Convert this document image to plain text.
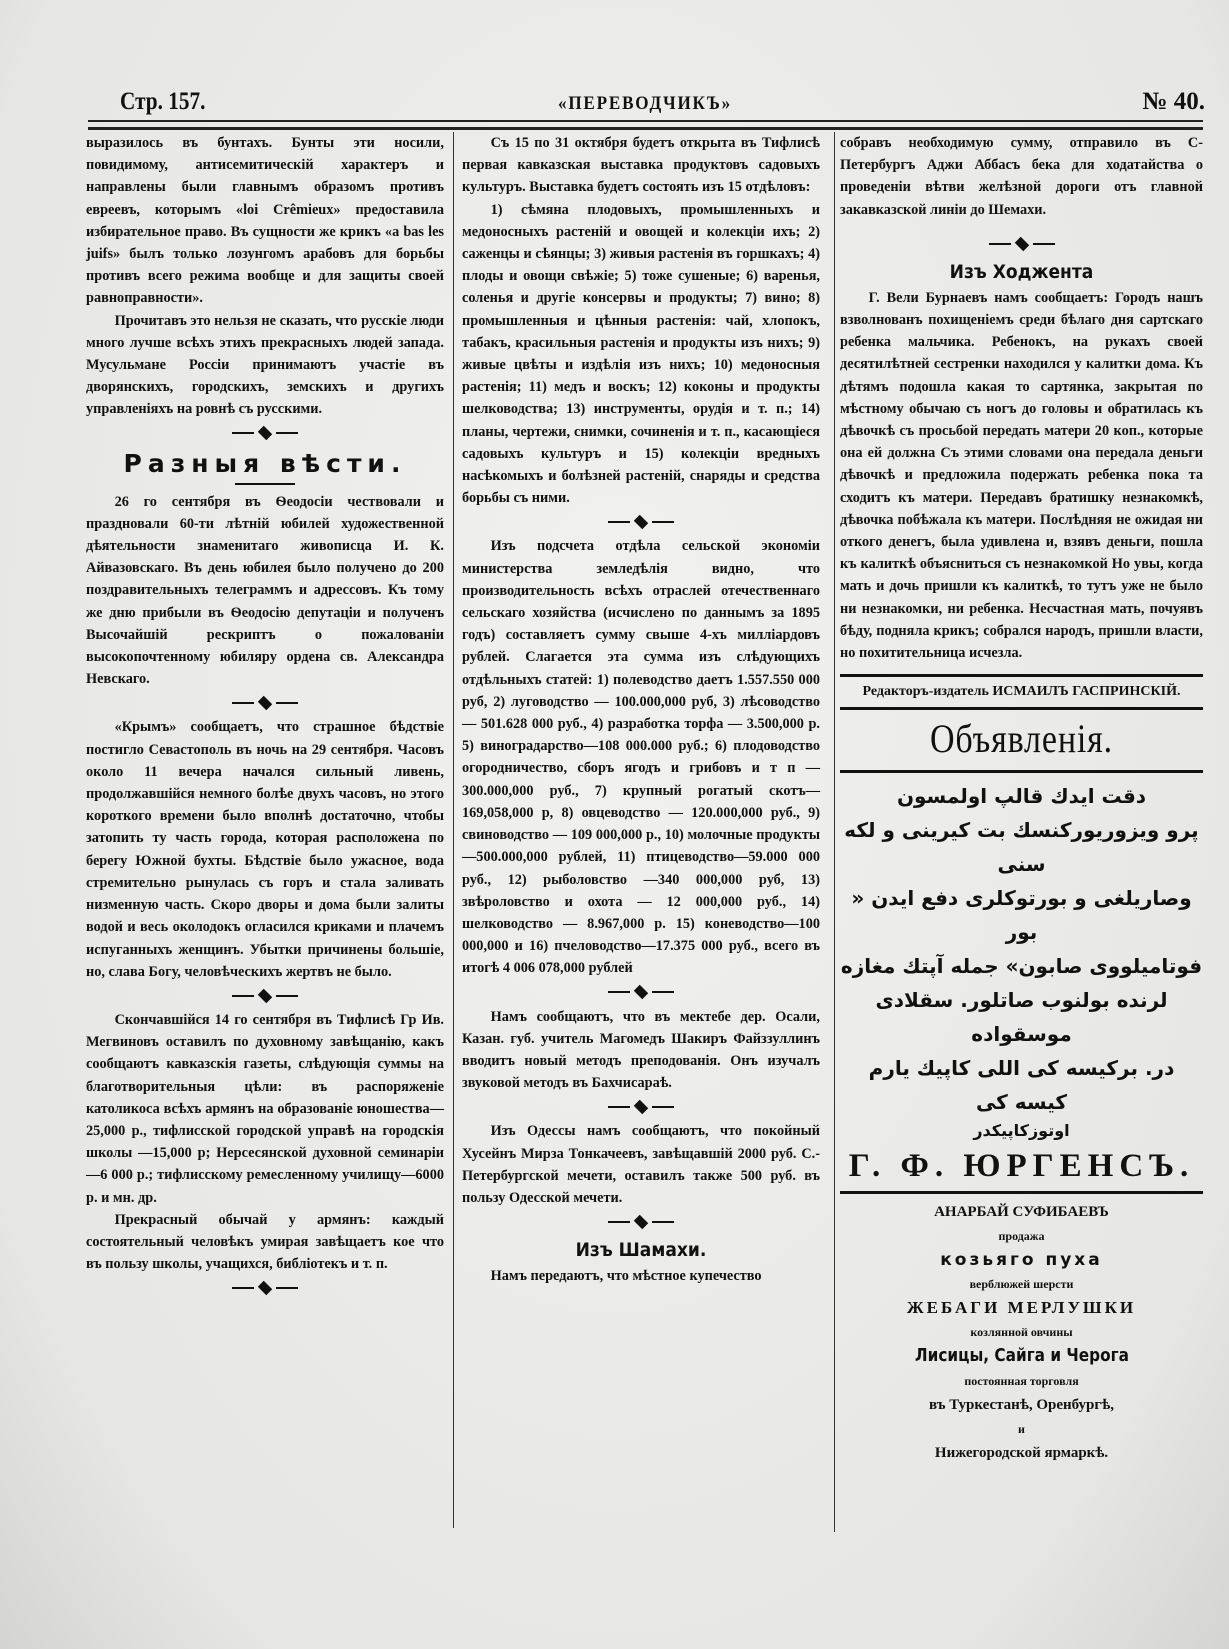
Стр. 157.	«ПЕРЕВОДЧИКЪ»	№ 40.

выразилось въ бунтахъ. Бунты эти носили, повидимому, антисемитическій характеръ и направлены были главнымъ образомъ противъ евреевъ, которымъ «loi Crêmieux» предоставила избирательное право. Въ сущности же крикъ «a bas les juifs» былъ только лозунгомъ арабовъ для борьбы противъ всего режима вообще и для защиты своей равноправности».

Прочитавъ это нельзя не сказать, что русскіе люди много лучше всѣхъ этихъ прекрасныхъ людей запада. Мусульмане Россіи принимаютъ участіе въ дворянскихъ, городскихъ, земскихъ и другихъ управленіяхъ на ровнѣ съ русскими.

Разныя вѣсти.

26 го сентября въ Ѳеодосіи чествовали и праздновали 60-ти лѣтній юбилей художественной дѣятельности знаменитаго живописца И. К. Айвазовскаго. Въ день юбилея было получено до 200 поздравительныхъ телеграммъ и адрессовъ. Къ тому же дню прибыли въ Ѳеодосію депутаціи и полученъ Высочайшій рескриптъ о пожалованіи высокопочтенному юбиляру ордена св. Александра Невскаго.

«Крымъ» сообщаетъ, что страшное бѣдствіе постигло Севастополь въ ночь на 29 сентября. Часовъ около 11 вечера начался сильный ливень, продолжавшійся немного болѣе двухъ часовъ, но этого короткого времени было вполнѣ достаточно, чтобы затопить ту часть города, которая расположена по берегу Южной бухты. Бѣдствіе было ужасное, вода стремительно рынулась съ горъ и стала заливать низменную часть. Скоро дворы и дома были залиты водой и весь околодокъ огласился криками и плачемъ испуганныхъ женщинъ. Убытки причинены большіе, но, слава Богу, человѣческихъ жертвъ не было.

Скончавшійся 14 го сентября въ Тифлисѣ Гр Ив. Мегвиновъ оставилъ по духовному завѣщанію, какъ сообщаютъ кавказскія газеты, слѣдующія суммы на благотворительныя цѣли: въ распоряженіе католикоса всѣхъ армянъ на образованіе юношества—25,000 р., тифлисской городской управѣ на городскія школы —15,000 р; Нерсесянской духовной семинаріи—6 000 р.; тифлисскому ремесленному училищу—6000 р. и мн. др.

Прекрасный обычай у армянъ: каждый состоятельный человѣкъ умирая завѣщаетъ кое что въ пользу школы, учащихся, библіотекъ и т. п.

Съ 15 по 31 октября будетъ открыта въ Тифлисѣ первая кавказская выставка продуктовъ садовыхъ культуръ. Выставка будетъ состоять изъ 15 отдѣловъ:

1) сѣмяна плодовыхъ, промышленныхъ и медоносныхъ растеній и овощей и колекціи ихъ; 2) саженцы и сѣянцы; 3) живыя растенія въ горшкахъ; 4) плоды и овощи свѣжіе; 5) тоже сушеные; 6) варенья, соленья и другіе консервы и продукты; 7) вино; 8) промышленныя и цѣнныя растенія: чай, хлопокъ, табакъ, красильныя растенія и продукты изъ нихъ; 9) живые цвѣты и издѣлія изъ нихъ; 10) медоносныя растенія; 11) медъ и воскъ; 12) коконы и продукты шелководства; 13) инструменты, орудія и т. п.; 14) планы, чертежи, снимки, сочиненія и т. п., касающіеся садовыхъ культуръ и 15) колекціи вредныхъ насѣкомыхъ и болѣзней растеній, снаряды и средства борьбы съ ними.

Изъ подсчета отдѣла сельской экономіи министерства земледѣлія видно, что производительность всѣхъ отраслей отечественнаго сельскаго хозяйства (исчислено по даннымъ за 1895 годъ) составляетъ сумму свыше 4-хъ милліардовъ рублей. Слагается эта сумма изъ слѣдующихъ отдѣльныхъ статей: 1) полеводство даетъ 1.557.550 000 руб, 2) луговодство — 100.000,000 руб, 3) лѣсоводство — 501.628 000 руб., 4) разработка торфа — 3.500,000 р. 5) виноградарство—108 000.000 руб.; 6) плодоводство огородничество, сборъ ягодъ и грибовъ и т п — 300.000,000 руб., 7) крупный рогатый скотъ—169,058,000 р, 8) овцеводство — 120.000,000 руб., 9) свиноводство — 109 000,000 р., 10) молочные продукты—500.000,000 рублей, 11) птицеводство—59.000 000 руб., 12) рыболовство —340 000,000 руб, 13) звѣроловство и охота — 12 000,000 руб., 14) шелководство — 8.967,000 р. 15) коневодство—100 000,000 и 16) пчеловодство—17.375 000 руб., всего въ итогѣ 4 006 078,000 рублей

Намъ сообщаютъ, что въ мектебе дер. Осали, Казан. губ. учитель Магомедъ Шакиръ Файззуллинъ вводитъ новый методъ преподованія. Онъ изучалъ звуковой методъ въ Бахчисараѣ.

Изъ Одессы намъ сообщаютъ, что покойный Хусейнъ Мирза Тонкачеевъ, завѣщавшій 2000 руб. С.-Петербургской мечети, оставилъ также 500 руб. въ пользу Одесской мечети.

Изъ Шамахи.

Намъ передаютъ, что мѣстное купечество

собравъ необходимую сумму, отправило въ С-Петербургъ Аджи Аббасъ бека для ходатайства о проведеніи вѣтви желѣзной дороги отъ главной закавказской линіи до Шемахи.

Изъ Ходжента

Г. Вели Бурнаевъ намъ сообщаетъ: Городъ нашъ взволнованъ похищеніемъ среди бѣлаго дня сартскаго ребенка мальчика. Ребенокъ, на рукахъ своей десятилѣтней сестренки находился у калитки дома. Къ дѣтямъ подошла какая то сартянка, закрытая по мѣстному обычаю съ ногъ до головы и обратилась къ дѣвочкѣ съ просьбой передать матери 20 коп., которые она ей должна Съ этими словами она передала деньги дѣвочкѣ и предложила подержать ребенка пока та сходитъ къ матери. Передавъ братишку незнакомкѣ, дѣвочка побѣжала къ матери. Послѣдняя не ожидая ни откого денегъ, была удивлена и, взявъ деньги, пошла къ калиткѣ объясниться съ незнакомкой Но увы, когда мать и дочь пришли къ калиткѣ, то тутъ уже не было ни незнакомки, ни ребенка. Несчастная мать, почуявъ бѣду, подняла крикъ; собрался народъ, пришли власти, но похитительница исчезла.

Редакторъ-издатель ИСМАИЛЪ ГАСПРИНСКІЙ.
Объявленія.
دقت ایدك قالپ اولمسون
پرو ویزوریورکنسك بت کیرینی و لکه سنی
وصاریلغی و بورتوکلری دفع ایدن « بور
فوتامیلووی صابون» جمله آپتك مغازه
لرنده بولنوب صاتلور. سقلادی موسقواده
در. برکیسه کی اللی کاپیك یارم کیسه کی
اوتوزکاپیکدر
Г. Ф. ЮРГЕНСЪ.
АНАРБАЙ СУФИБАЕВЪ
продажа
козьяго пуха
верблюжей шерсти
ЖЕБАГИ МЕРЛУШКИ
козлянной овчины
Лисицы, Сайга и Черога
постоянная торговля
въ Туркестанѣ, Оренбургѣ,
и
Нижегородской ярмаркѣ.
